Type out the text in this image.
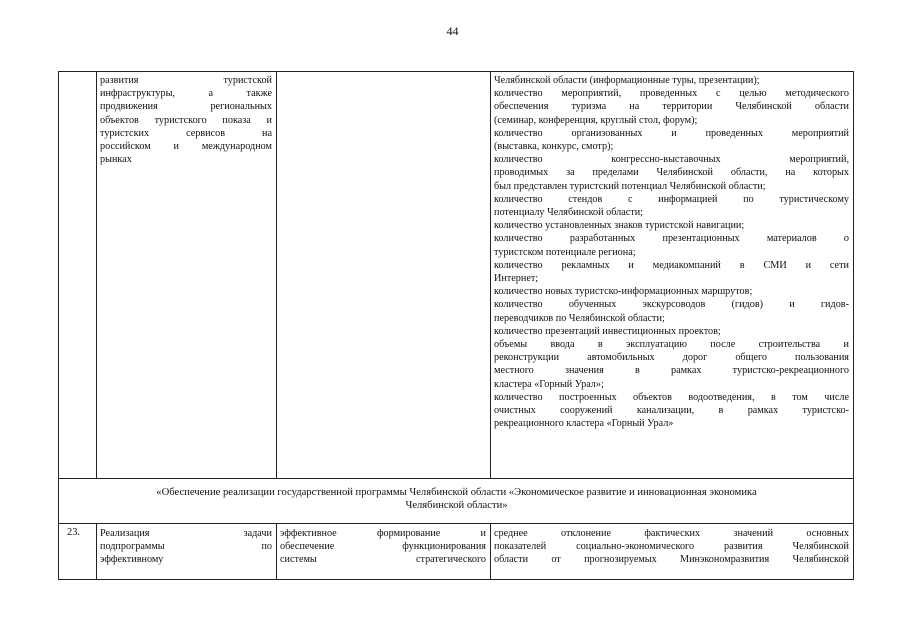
44
развития туристской
инфраструктуры, а также
продвижения региональных
объектов туристского показа и
туристских сервисов на
российском и международном
рынках
Челябинской области (информационные туры, презентации);
количество мероприятий, проведенных с целью методического
обеспечения туризма на территории Челябинской области
(семинар, конференция, круглый стол, форум);
количество организованных и проведенных мероприятий
(выставка, конкурс, смотр);
количество конгрессно-выставочных мероприятий,
проводимых за пределами Челябинской области, на которых
был представлен туристский потенциал Челябинской области;
количество стендов с информацией по туристическому
потенциалу Челябинской области;
количество установленных знаков туристской навигации;
количество разработанных презентационных материалов о
туристском потенциале региона;
количество рекламных и медиакомпаний в СМИ и сети
Интернет;
количество новых туристско-информационных маршрутов;
количество обученных экскурсоводов (гидов) и гидов-
переводчиков по Челябинской области;
количество презентаций инвестиционных проектов;
объемы ввода в эксплуатацию после строительства и
реконструкции автомобильных дорог общего пользования
местного значения в рамках туристско-рекреационного
кластера «Горный Урал»;
количество построенных объектов водоотведения, в том числе
очистных сооружений канализации, в рамках туристско-
рекреационного кластера «Горный Урал»
«Обеспечение реализации государственной программы Челябинской области «Экономическое развитие и инновационная экономика
Челябинской области»
23. Реализация задачи
подпрограммы по
эффективному
эффективное формирование и
обеспечение функционирования
системы стратегического
среднее отклонение фактических значений основных
показателей социально-экономического развития Челябинской
области от прогнозируемых Минэкономразвития Челябинской
